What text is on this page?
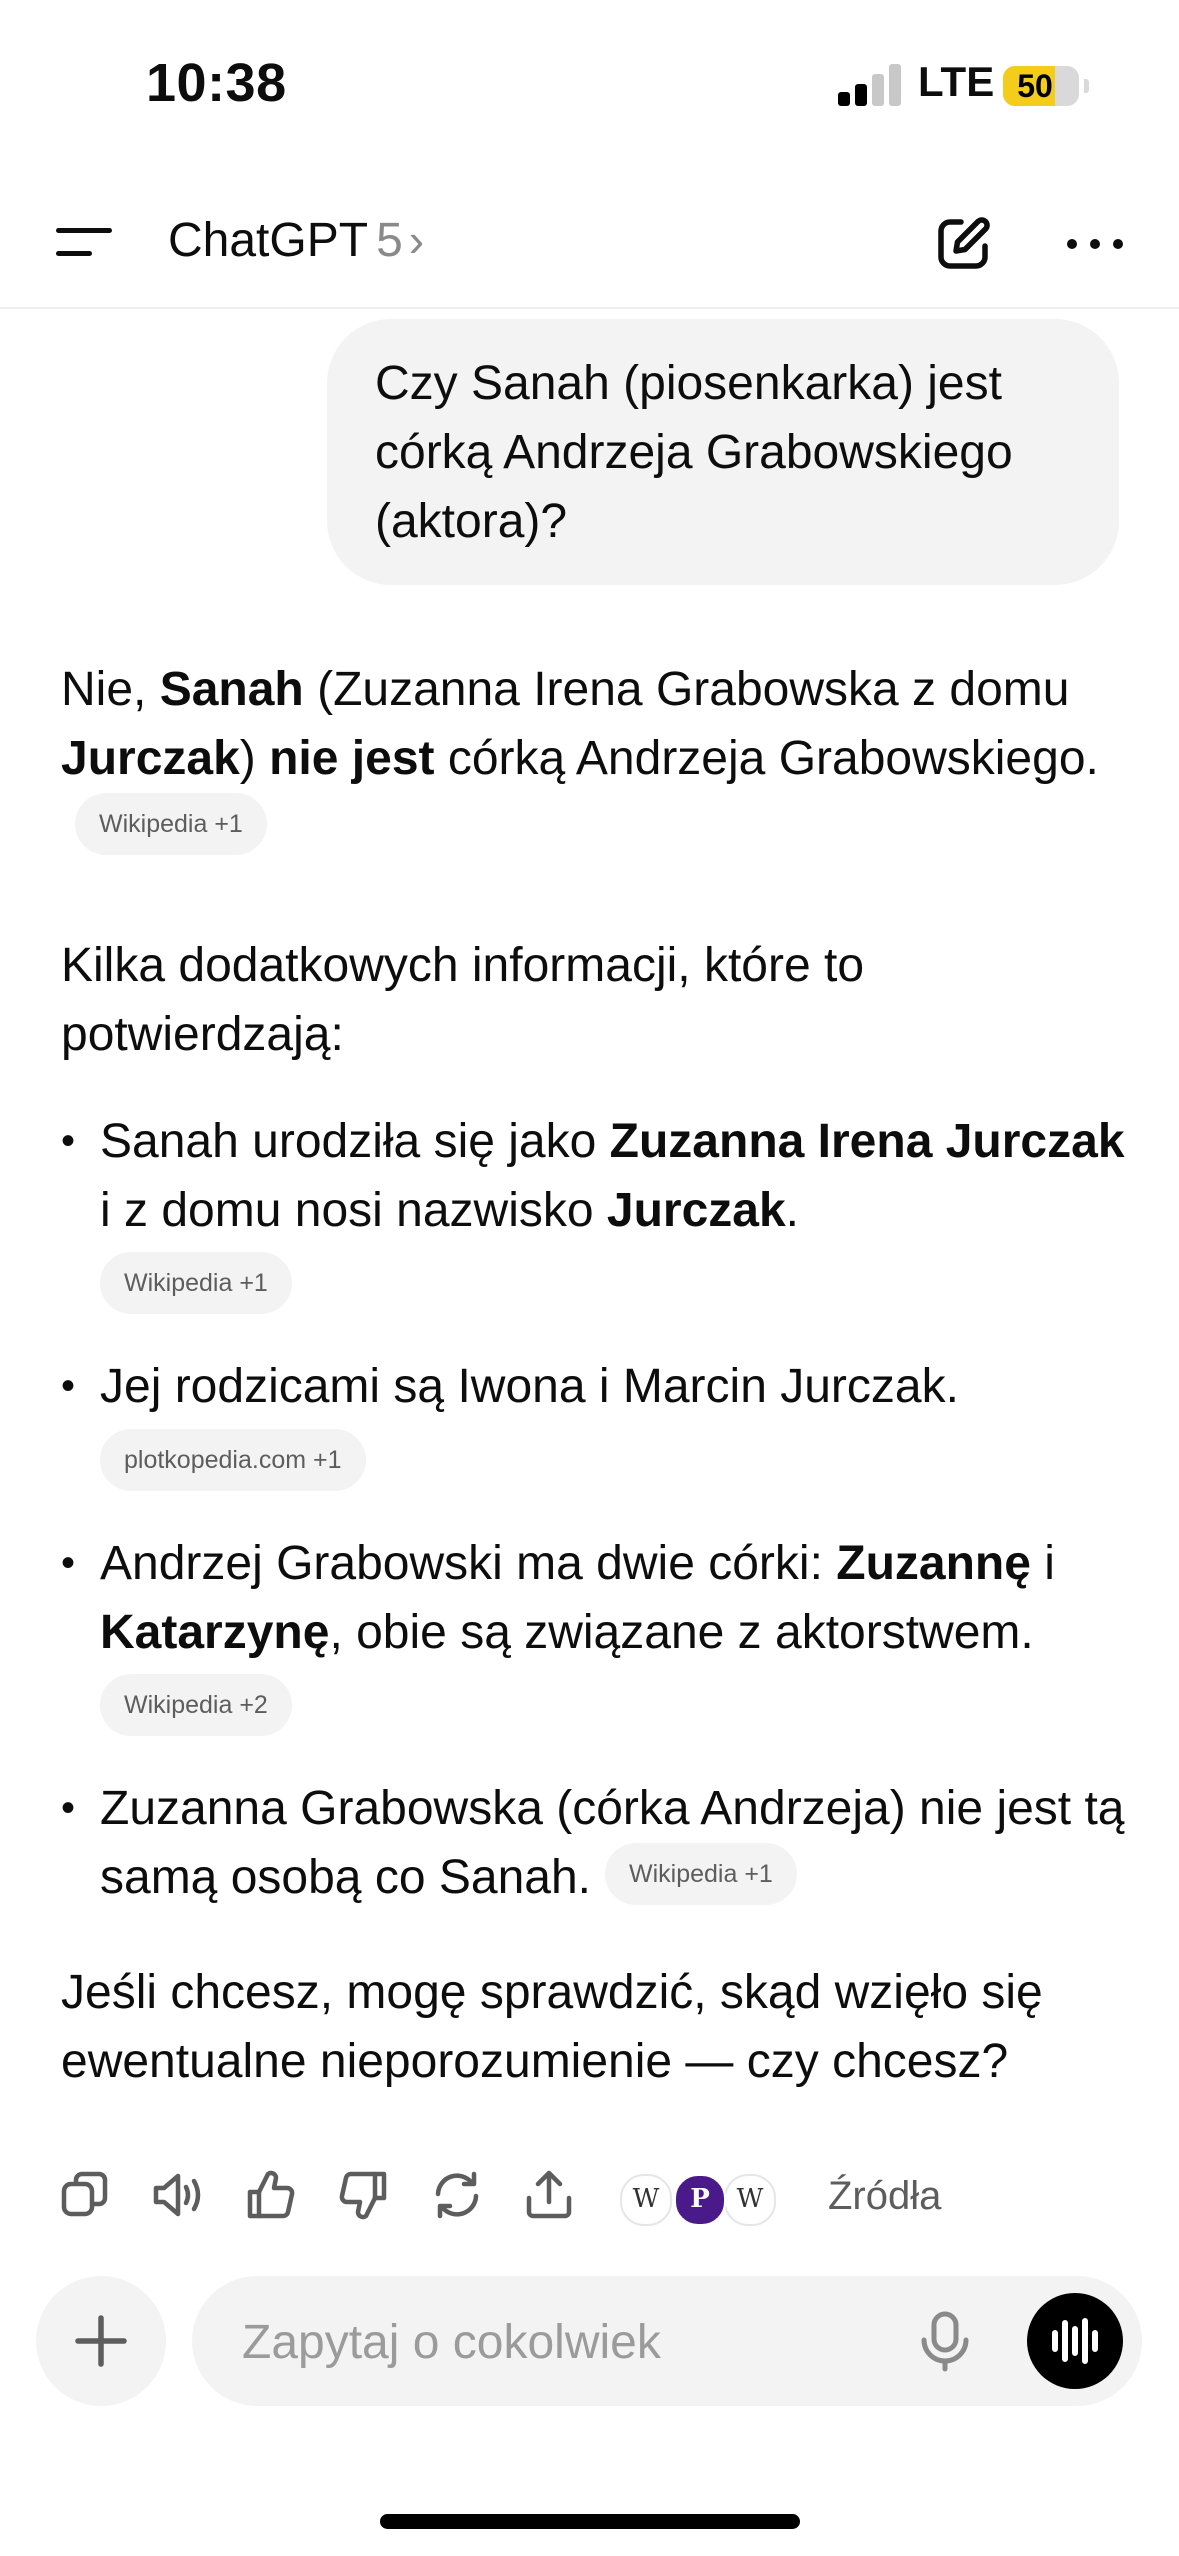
10:38	LTE 50
ChatGPT 5 ›
Czy Sanah (piosenkarka) jest córką Andrzeja Grabowskiego (aktora)?

Nie, Sanah (Zuzanna Irena Grabowska z domu Jurczak) nie jest córką Andrzeja Grabowskiego.Wikipedia +1

Kilka dodatkowych informacji, które to potwierdzają:

• Sanah urodziła się jako Zuzanna Irena Jurczak i z domu nosi nazwisko Jurczak.
Wikipedia +1
• Jej rodzicami są Iwona i Marcin Jurczak.
plotkopedia.com +1
• Andrzej Grabowski ma dwie córki: Zuzannę i Katarzynę, obie są związane z aktorstwem.
Wikipedia +2
• Zuzanna Grabowska (córka Andrzeja) nie jest tą samą osobą co Sanah. Wikipedia +1

Jeśli chcesz, mogę sprawdzić, skąd wzięło się ewentualne nieporozumienie — czy chcesz?

W	P	W	Źródła
Zapytaj o cokolwiek
